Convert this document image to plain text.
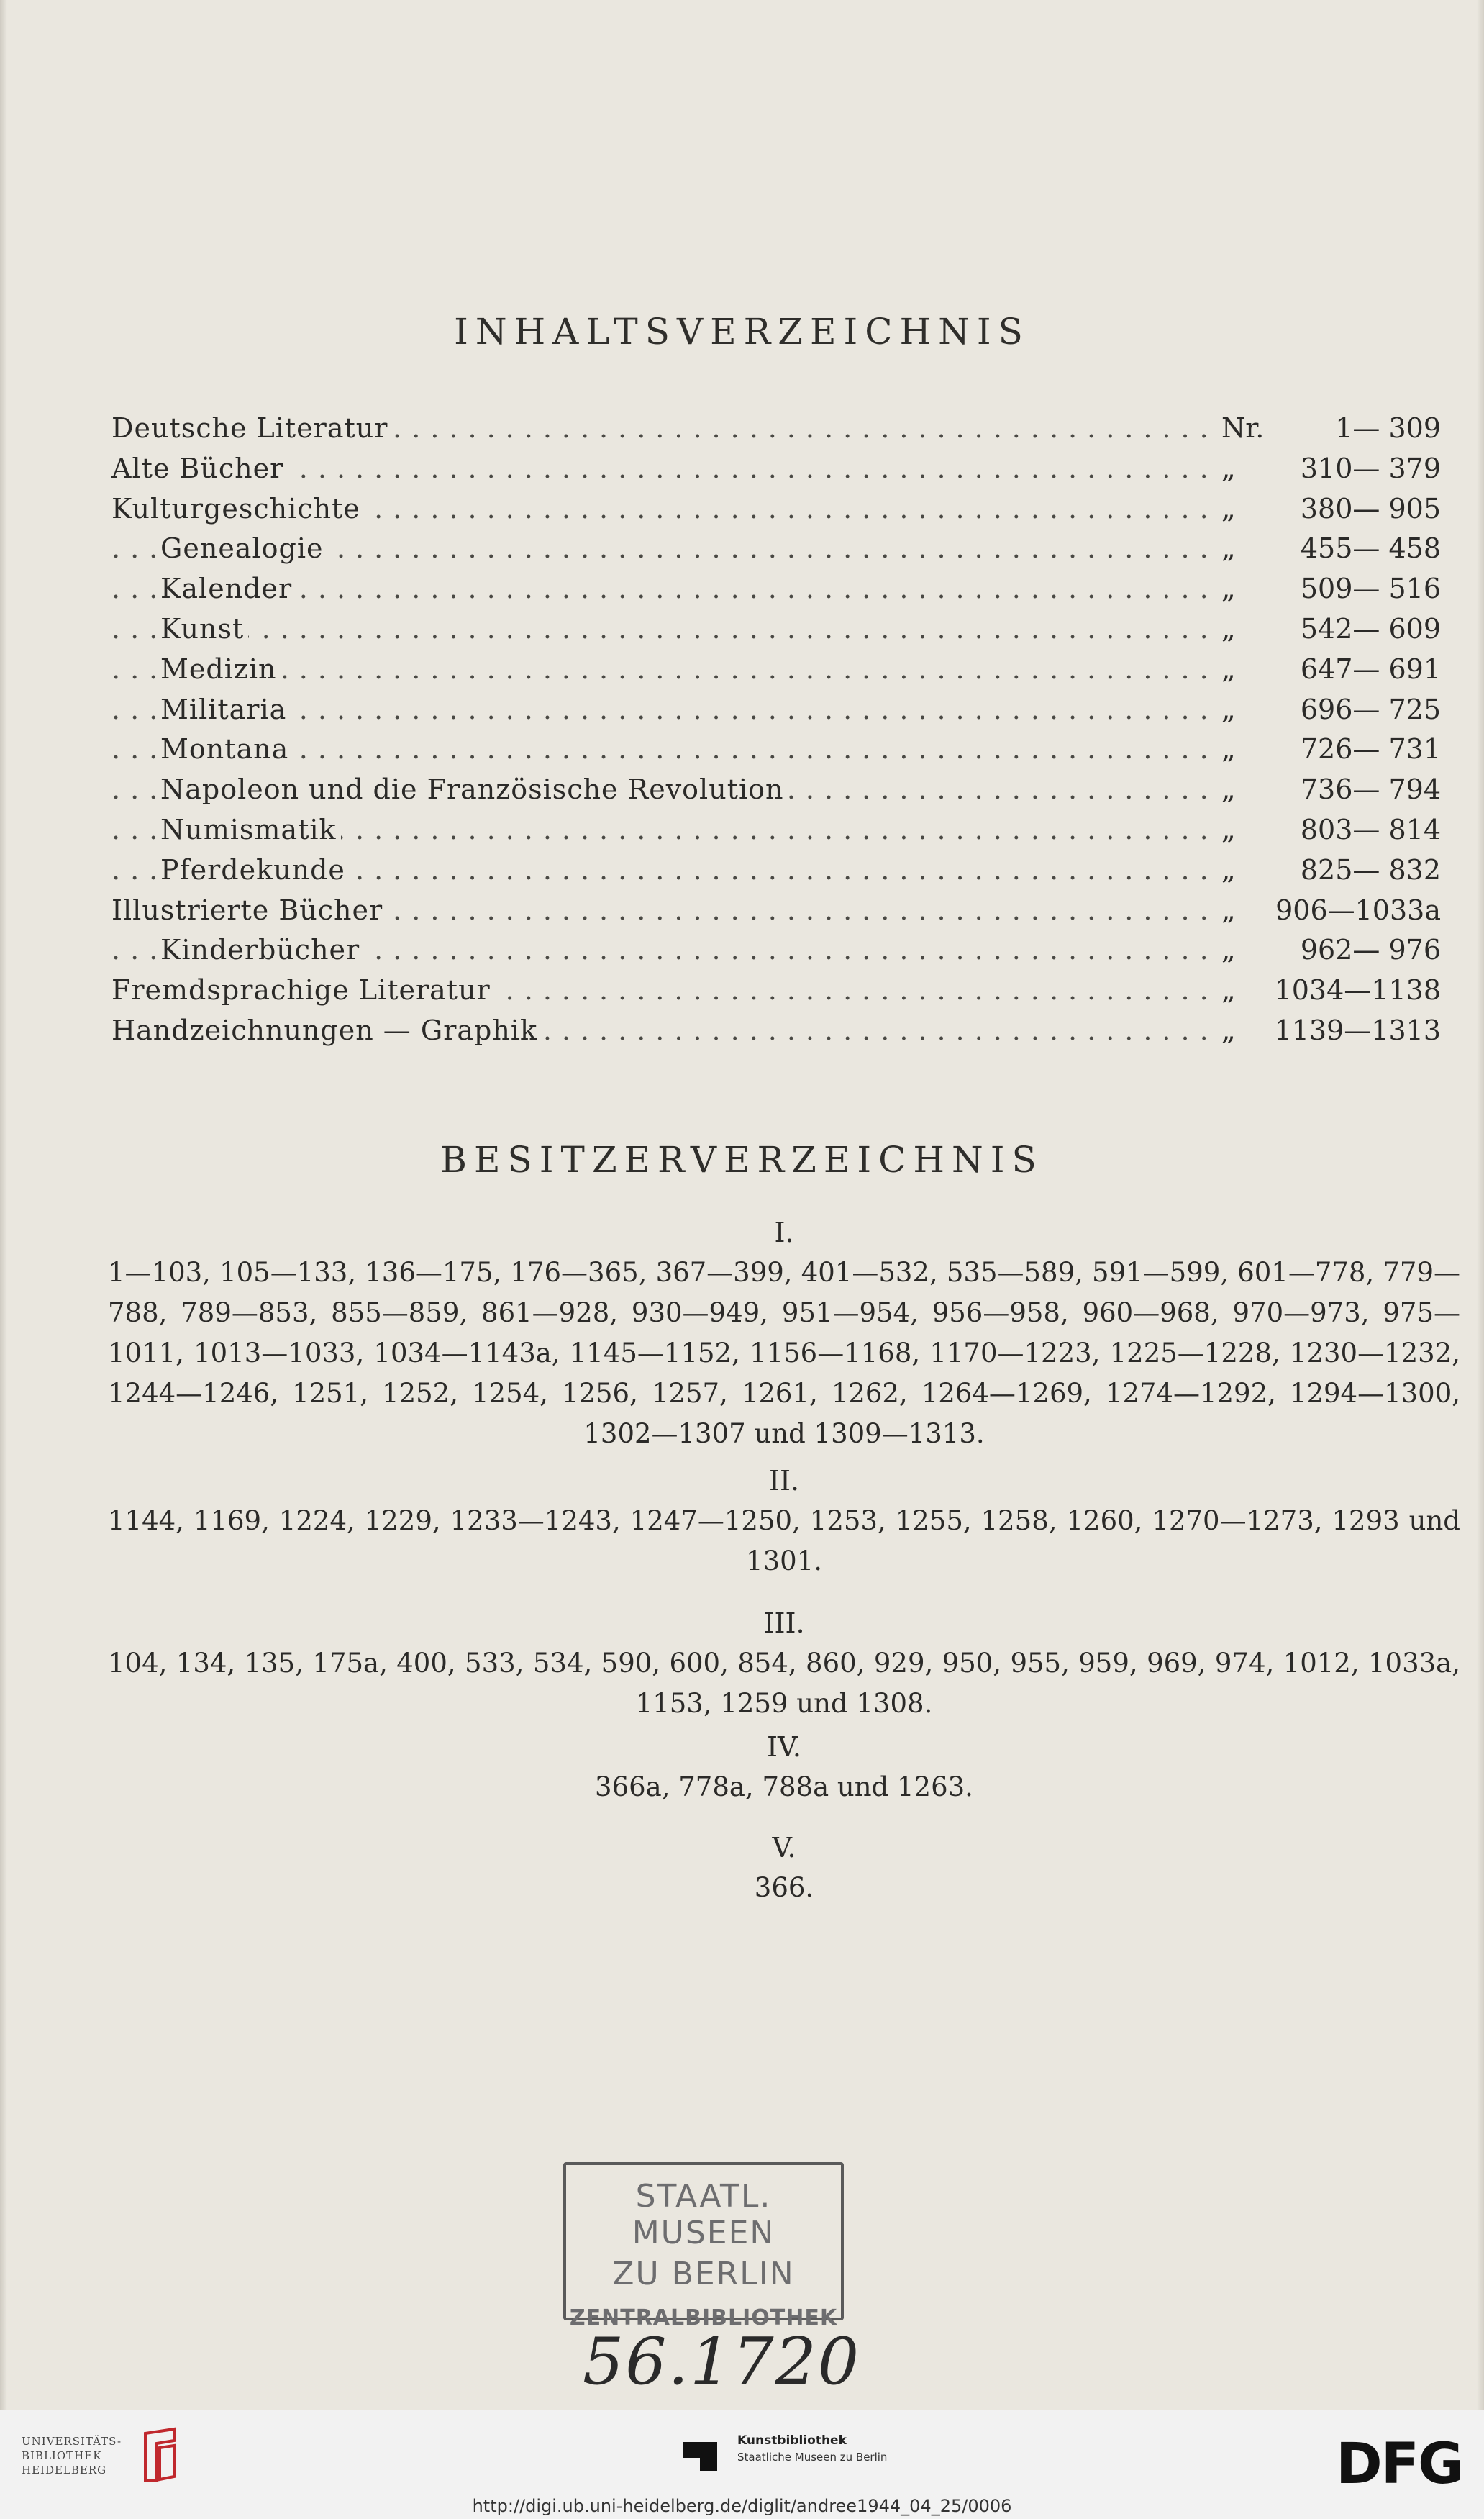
INHALTSVERZEICHNIS
.....
Deutsche Literatur	Nr.	1— 309
.....
Alte Bücher	„	310— 379
.....
Kulturgeschichte	„	380— 905
.....
Genealogie	„	455— 458
.....
Kalender	„	509— 516
.....
Kunst	„	542— 609
.....
Medizin	„	647— 691
.....
Militaria	„	696— 725
.....
Montana	„	726— 731
.....
Napoleon und die Französische Revolution	„	736— 794
.....
Numismatik	„	803— 814
.....
Pferdekunde	„	825— 832
.....
Illustrierte Bücher	„	906—1033a
.....
Kinderbücher	„	962— 976
.....
Fremdsprachige Literatur	„	1034—1138
.....
Handzeichnungen — Graphik	„	1139—1313
BESITZERVERZEICHNIS
I.
1—103, 105—133, 136—175, 176—365, 367—399, 401—532, 535—589, 591—599, 601—778, 779—788, 789—853, 855—859, 861—928, 930—949, 951—954, 956—958, 960—968, 970—973, 975—1011, 1013—1033, 1034—1143a, 1145—1152, 1156—1168, 1170—1223, 1225—1228, 1230—1232, 1244—1246, 1251, 1252, 1254, 1256, 1257, 1261, 1262, 1264—1269, 1274—1292, 1294—1300, 1302—1307 und 1309—1313.
II.
1144, 1169, 1224, 1229, 1233—1243, 1247—1250, 1253, 1255, 1258, 1260, 1270—1273, 1293 und 1301.
III.
104, 134, 135, 175a, 400, 533, 534, 590, 600, 854, 860, 929, 950, 955, 959, 969, 974, 1012, 1033a, 1153, 1259 und 1308.
IV.
366a, 778a, 788a und 1263.
V.
366.
STAATL. MUSEEN
ZU BERLIN
ZENTRALBIBLIOTHEK
56.1720
UNIVERSITÄTS-
BIBLIOTHEK
HEIDELBERG
Kunstbibliothek
Staatliche Museen zu Berlin	DFG
http://digi.ub.uni-heidelberg.de/diglit/andree1944_04_25/0006
